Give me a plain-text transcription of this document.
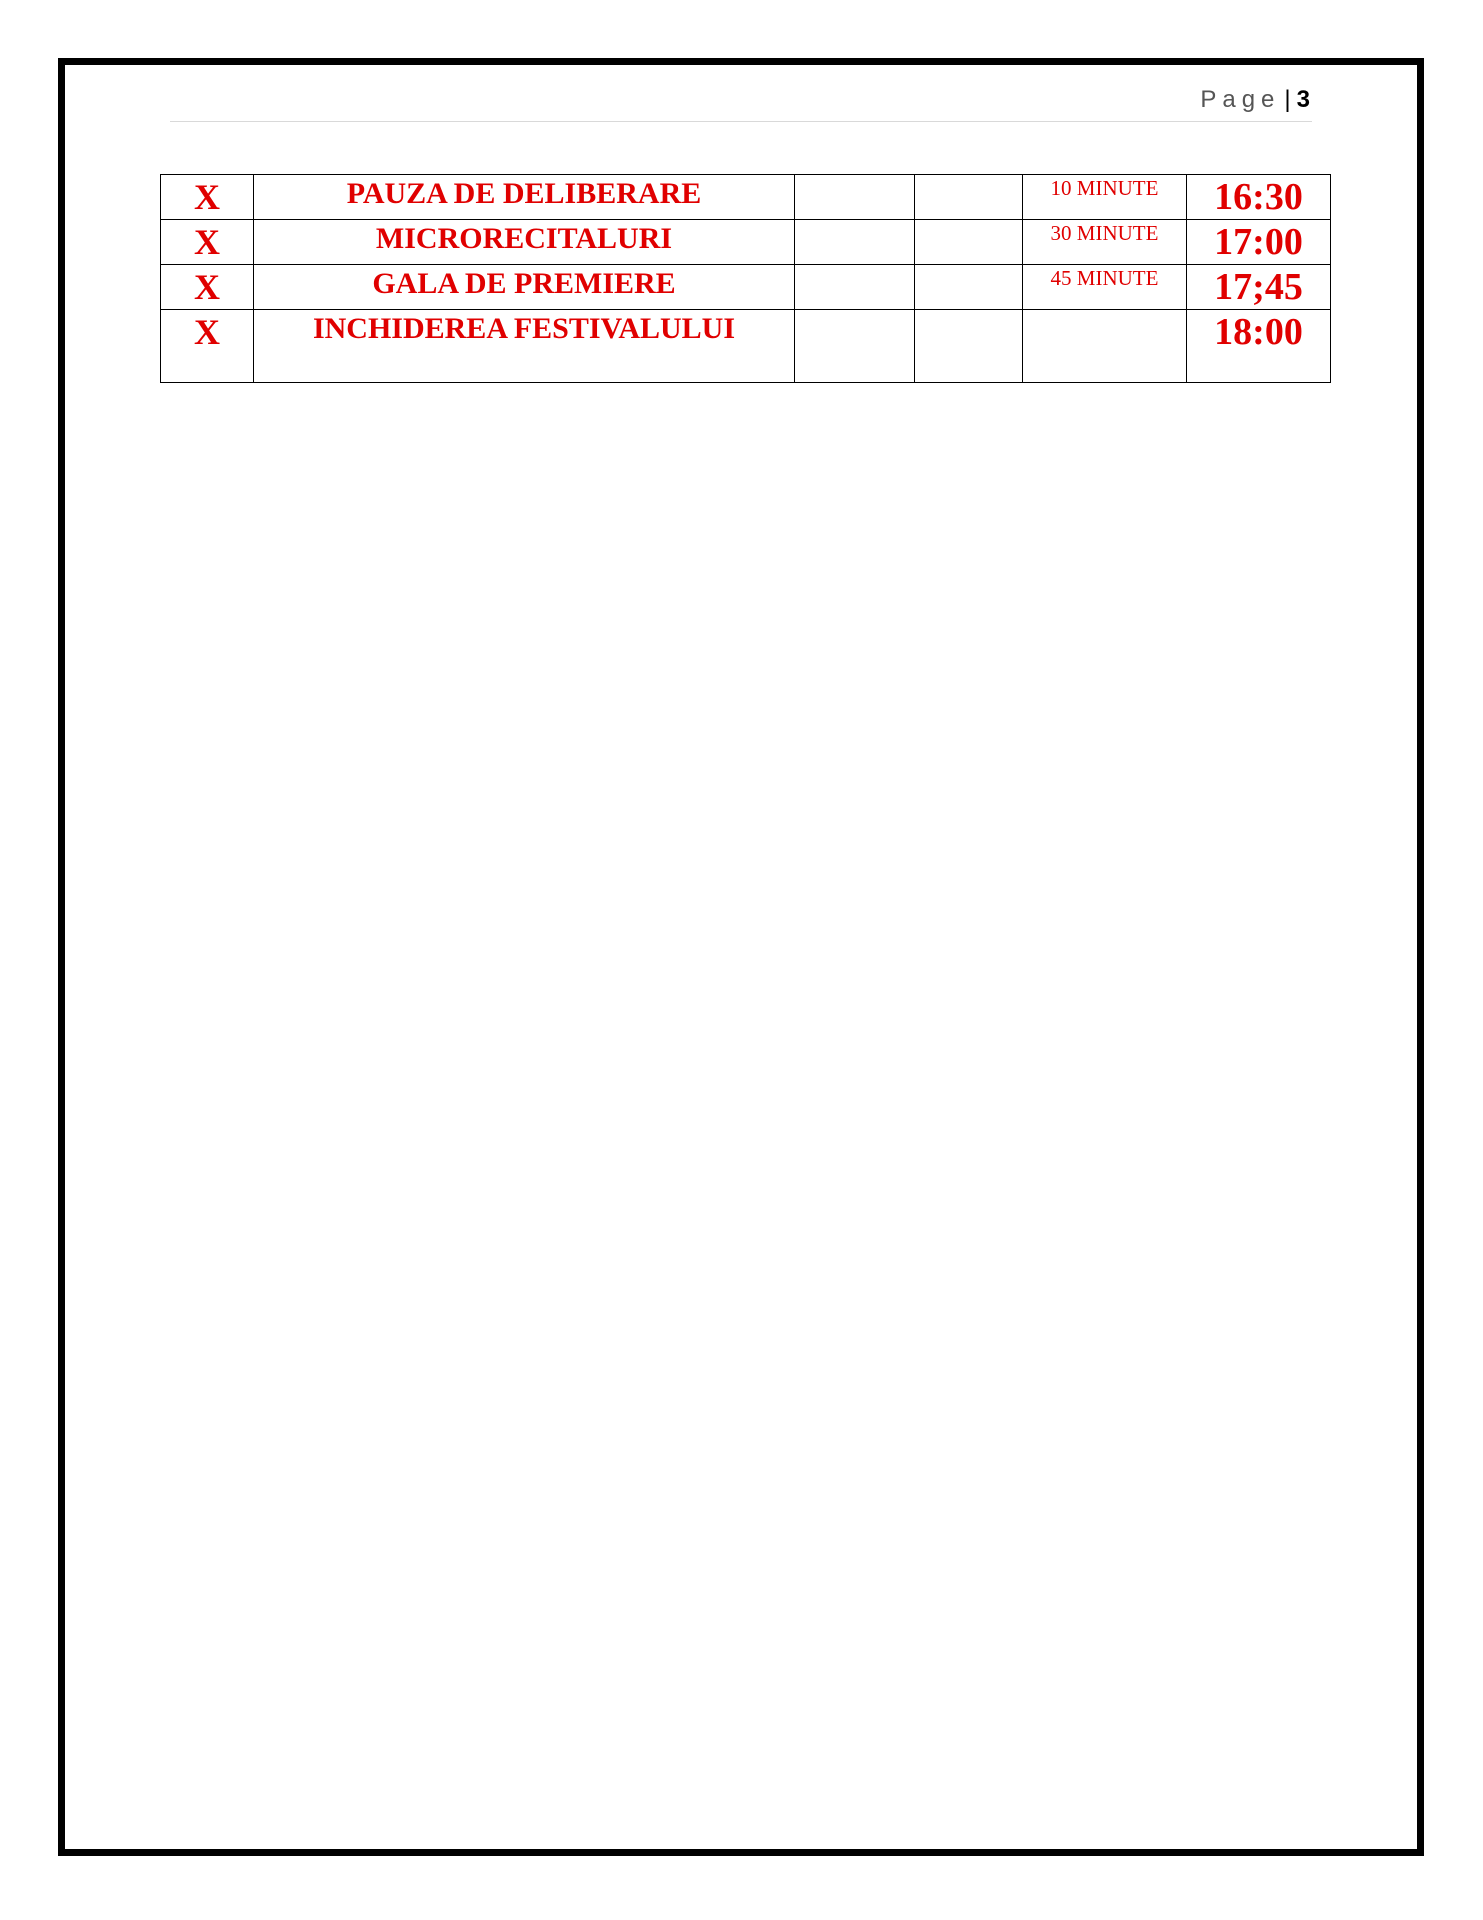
Page | 3
X	PAUZA DE DELIBERARE			10 MINUTE	16:30
X	MICRORECITALURI			30 MINUTE	17:00
X	GALA DE PREMIERE			45 MINUTE	17;45
X	INCHIDEREA FESTIVALULUI				18:00
